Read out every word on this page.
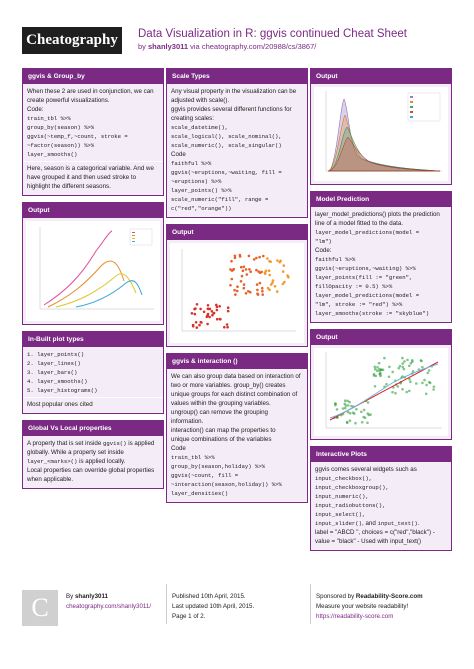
Cheatography	Data Visualization in R: ggvis continued Cheat Sheet
by shanly3011 via cheatography.com/20988/cs/3867/
ggvis & Group_by
When these 2 are used in conjunction, we can
create powerful visualizations.
Code:
train_tbl %>%
group_by(season) %>%
ggvis(~temp_f,~count, stroke =
~factor(season)) %>%
layer_smooths()
Here, season is a categorical variable. And we
have grouped it and then used stroke to
highlight the different seasons.
Output
In-Built plot types
1. layer_points()
2. layer_lines()
3. layer_bars()
4. layer_smooths()
5. layer_histograms()
Most popular ones cited
Global Vs Local properties
A property that is set inside ggvis() is applied
globally. While a property set inside
layer_<marks>() is applied locally.
Local properties can override global properties
when applicable.
Scale Types
Any visual property in the visualization can be
adjusted with scale().
ggvis provides several different functions for
creating scales:
scale_datetime(),
scale_logical(), scale_nominal(),
scale_numeric(), scale_singular()
Code
faithful %>%
ggvis(~eruptions,~waiting, fill =
~eruptions) %>%
layer_points() %>%
scale_numeric("fill", range =
c("red","orange"))
Output
ggvis & interaction ()
We can also group data based on interaction of
two or more variables. group_by() creates
unique groups for each distinct combination of
values within the grouping variables.
ungroup() can remove the grouping
information.
interaction() can map the properties to
unique combinations of the variables
Code
train_tbl %>%
group_by(season,holiday) %>%
ggvis(~count, fill =
~interaction(season,holiday)) %>%
layer_densities()
Output
Model Prediction
layer_model_predictions() plots the prediction
line of a model fitted to the data.
layer_model_predictions(model =
"lm")
Code:
faithful %>%
ggvis(~eruptions,~waiting) %>%
layer_points(fill := "green",
fillOpacity := 0.5) %>%
layer_model_predictions(model =
"lm", stroke := "red") %>%
layer_smooths(stroke := "skyblue")
Output
Interactive Plots
ggvis comes several widgets such as
input_checkbox(),
input_checkboxgroup(),
input_numeric(),
input_radiobuttons(),
input_select(),
input_slider(), and input_text().
label = "ABCD ", choices = c("red","black") -
value = "black" - Used with input_text()
C	By shanly3011
cheatography.com/shanly3011/
Published 10th April, 2015.
Last updated 10th April, 2015.
Page 1 of 2.
Sponsored by Readability-Score.com
Measure your website readability!
https://readability-score.com
